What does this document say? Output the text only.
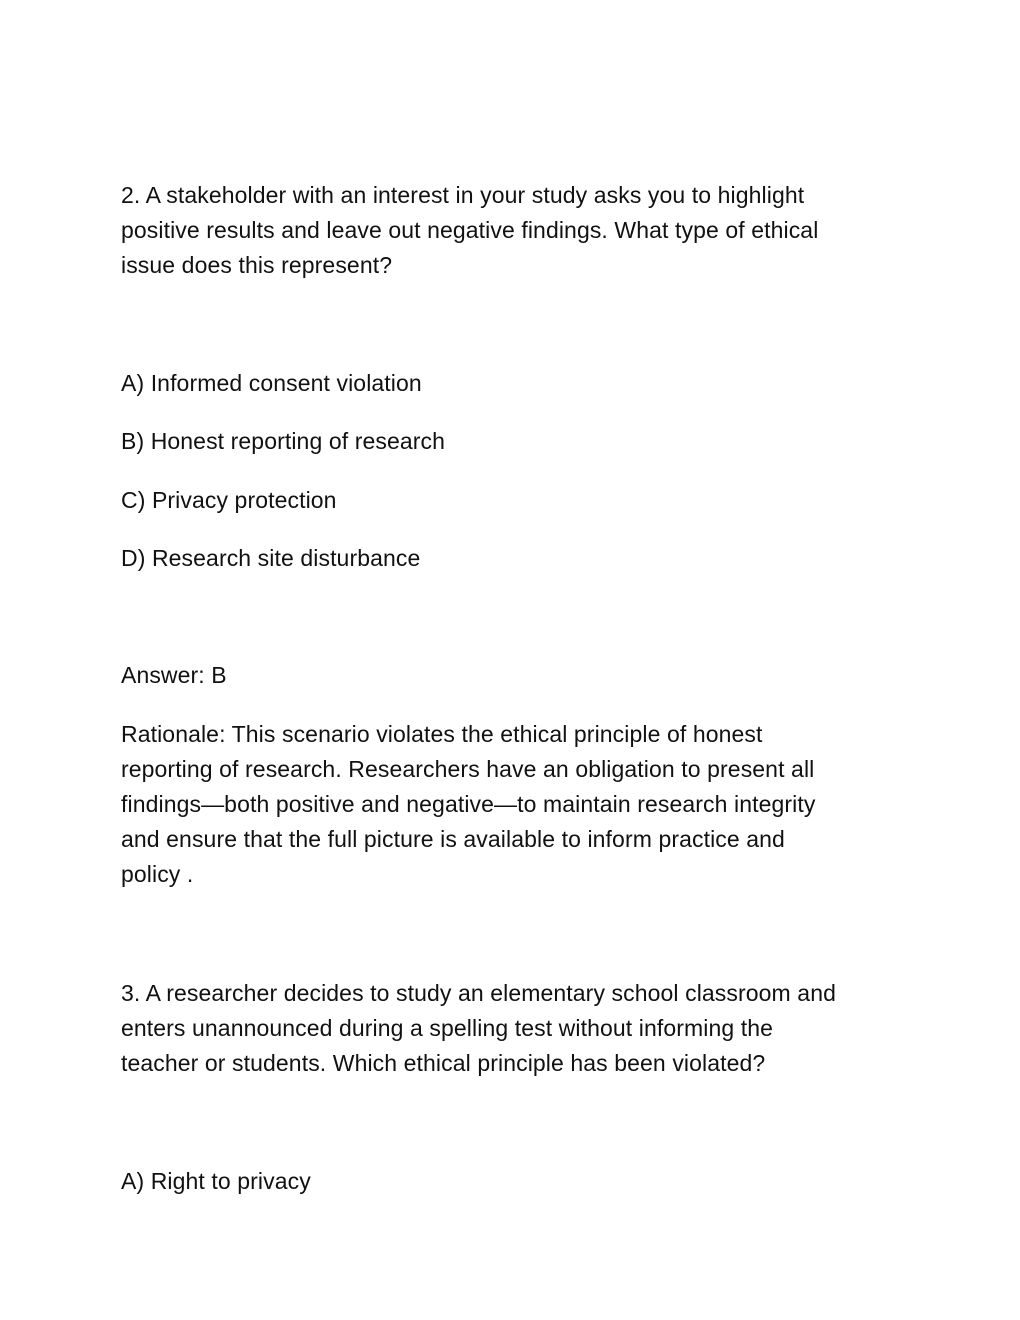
2. A stakeholder with an interest in your study asks you to highlight
positive results and leave out negative findings. What type of ethical
issue does this represent?

A) Informed consent violation

B) Honest reporting of research

C) Privacy protection

D) Research site disturbance

Answer: B

Rationale: This scenario violates the ethical principle of honest
reporting of research. Researchers have an obligation to present all
findings—both positive and negative—to maintain research integrity
and ensure that the full picture is available to inform practice and
policy .

3. A researcher decides to study an elementary school classroom and
enters unannounced during a spelling test without informing the
teacher or students. Which ethical principle has been violated?

A) Right to privacy
